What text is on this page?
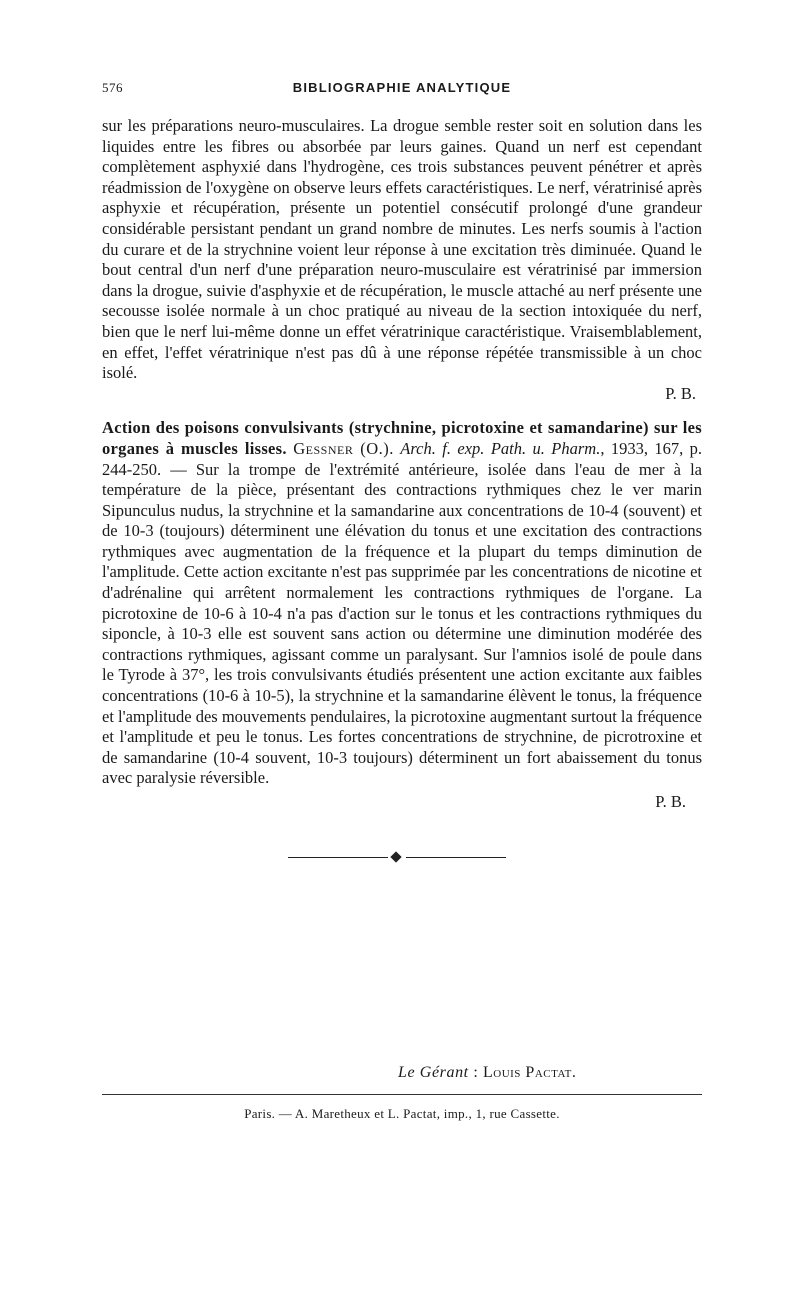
576	BIBLIOGRAPHIE ANALYTIQUE

sur les préparations neuro-musculaires. La drogue semble rester soit en solution dans les liquides entre les fibres ou absorbée par leurs gaines. Quand un nerf est cependant complètement asphyxié dans l'hydrogène, ces trois substances peuvent pénétrer et après réadmission de l'oxygène on observe leurs effets caractéristiques. Le nerf, vératrinisé après asphyxie et récupération, présente un potentiel consécutif prolongé d'une grandeur considérable persistant pendant un grand nombre de minutes. Les nerfs soumis à l'action du curare et de la strychnine voient leur réponse à une excitation très diminuée. Quand le bout central d'un nerf d'une préparation neuro-musculaire est vératrinisé par immersion dans la drogue, suivie d'asphyxie et de récupération, le muscle attaché au nerf présente une secousse isolée normale à un choc pratiqué au niveau de la section intoxiquée du nerf, bien que le nerf lui-même donne un effet vératrinique caractéristique. Vraisemblablement, en effet, l'effet vératrinique n'est pas dû à une réponse répétée transmissible à un choc isolé.

P. B.

Action des poisons convulsivants (strychnine, picrotoxine et samandarine) sur les organes à muscles lisses. Gessner (O.). Arch. f. exp. Path. u. Pharm., 1933, 167, p. 244-250. — Sur la trompe de l'extrémité antérieure, isolée dans l'eau de mer à la température de la pièce, présentant des contractions rythmiques chez le ver marin Sipunculus nudus, la strychnine et la samandarine aux concentrations de 10-4 (souvent) et de 10-3 (toujours) déterminent une élévation du tonus et une excitation des contractions rythmiques avec augmentation de la fréquence et la plupart du temps diminution de l'amplitude. Cette action excitante n'est pas supprimée par les concentrations de nicotine et d'adrénaline qui arrêtent normalement les contractions rythmiques de l'organe. La picrotoxine de 10-6 à 10-4 n'a pas d'action sur le tonus et les contractions rythmiques du siponcle, à 10-3 elle est souvent sans action ou détermine une diminution modérée des contractions rythmiques, agissant comme un paralysant. Sur l'amnios isolé de poule dans le Tyrode à 37°, les trois convulsivants étudiés présentent une action excitante aux faibles concentrations (10-6 à 10-5), la strychnine et la samandarine élèvent le tonus, la fréquence et l'amplitude des mouvements pendulaires, la picrotoxine augmentant surtout la fréquence et l'amplitude et peu le tonus. Les fortes concentrations de strychnine, de picrotroxine et de samandarine (10-4 souvent, 10-3 toujours) déterminent un fort abaissement du tonus avec paralysie réversible.

P. B.

Le Gérant : Louis Pactat.
Paris. — A. Maretheux et L. Pactat, imp., 1, rue Cassette.
